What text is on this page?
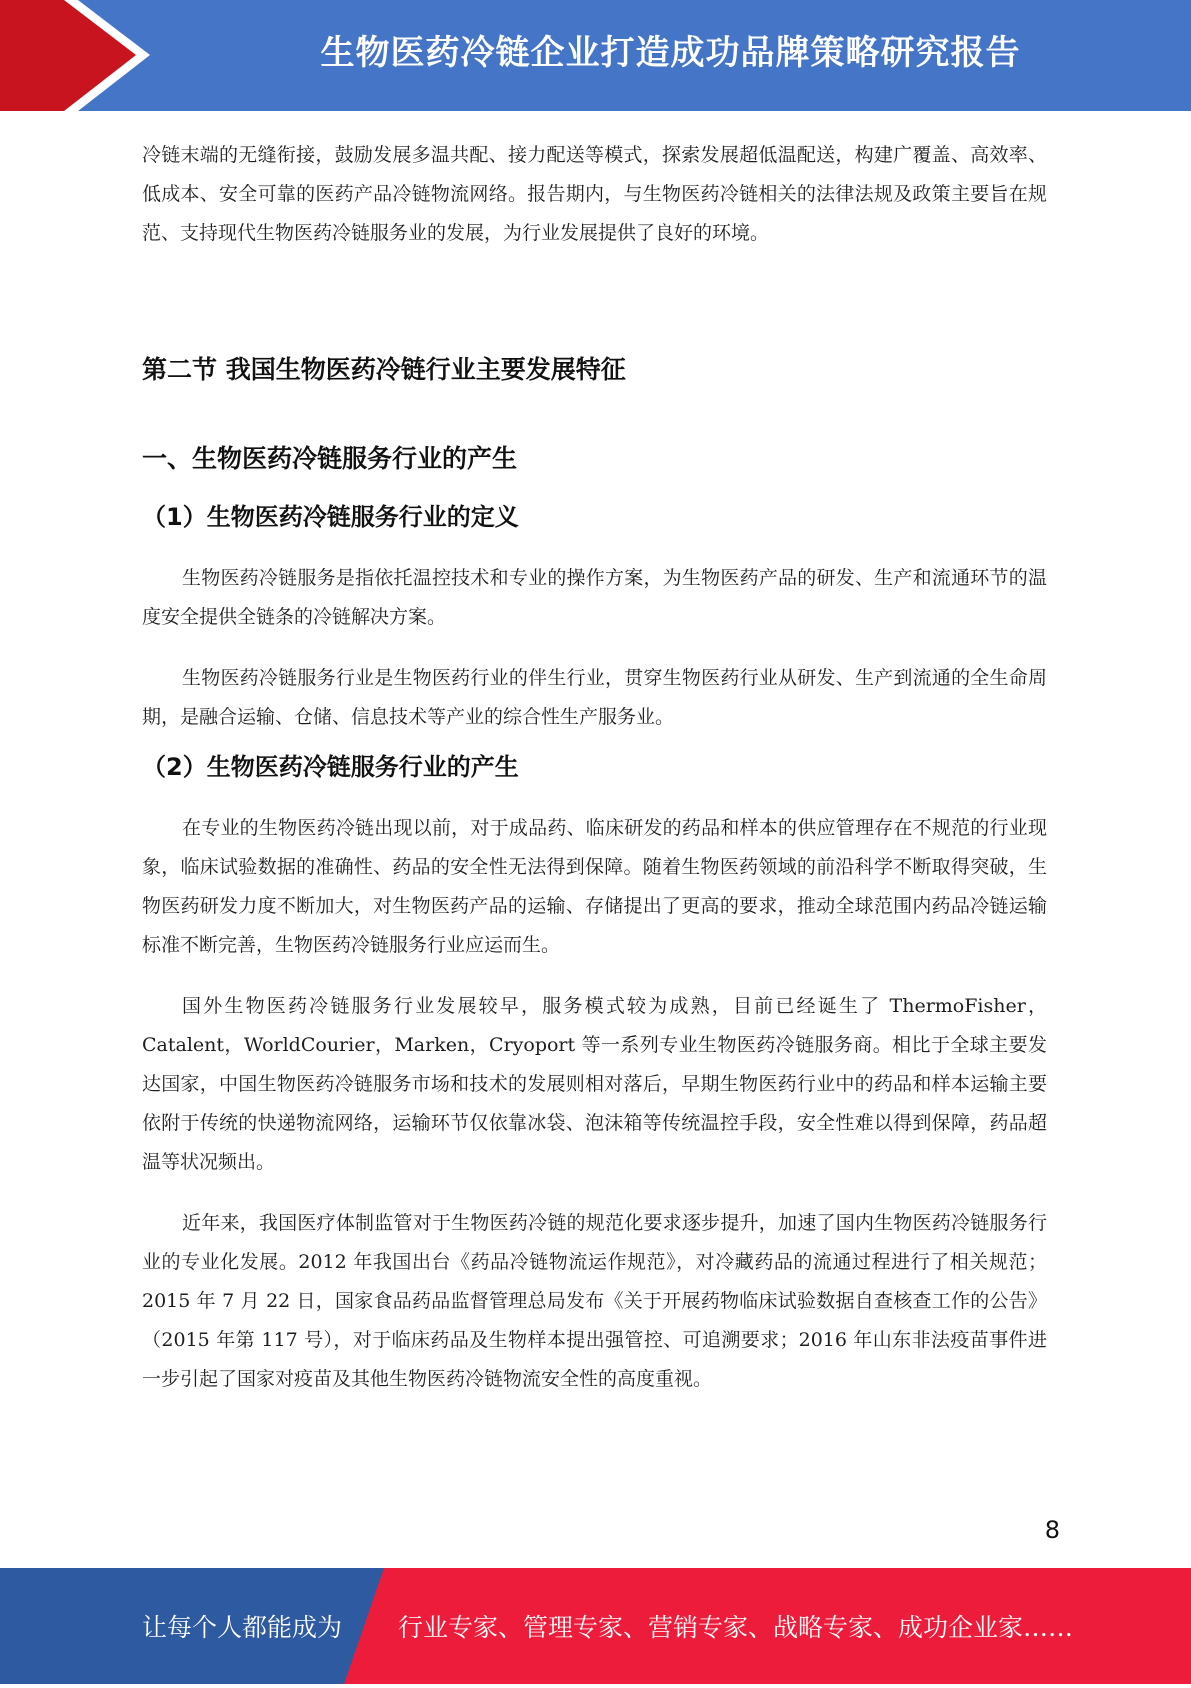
生物医药冷链企业打造成功品牌策略研究报告

冷链末端的无缝衔接，鼓励发展多温共配、接力配送等模式，探索发展超低温配送，构建广覆盖、高效率、低成本、安全可靠的医药产品冷链物流网络。报告期内，与生物医药冷链相关的法律法规及政策主要旨在规范、支持现代生物医药冷链服务业的发展，为行业发展提供了良好的环境。

第二节 我国生物医药冷链行业主要发展特征
一、生物医药冷链服务行业的产生
（1）生物医药冷链服务行业的定义

生物医药冷链服务是指依托温控技术和专业的操作方案，为生物医药产品的研发、生产和流通环节的温度安全提供全链条的冷链解决方案。

生物医药冷链服务行业是生物医药行业的伴生行业，贯穿生物医药行业从研发、生产到流通的全生命周期，是融合运输、仓储、信息技术等产业的综合性生产服务业。

（2）生物医药冷链服务行业的产生

在专业的生物医药冷链出现以前，对于成品药、临床研发的药品和样本的供应管理存在不规范的行业现象，临床试验数据的准确性、药品的安全性无法得到保障。随着生物医药领域的前沿科学不断取得突破，生物医药研发力度不断加大，对生物医药产品的运输、存储提出了更高的要求，推动全球范围内药品冷链运输标准不断完善，生物医药冷链服务行业应运而生。

国外生物医药冷链服务行业发展较早，服务模式较为成熟，目前已经诞生了 ThermoFisher，Catalent，WorldCourier，Marken，Cryoport 等一系列专业生物医药冷链服务商。相比于全球主要发达国家，中国生物医药冷链服务市场和技术的发展则相对落后，早期生物医药行业中的药品和样本运输主要依附于传统的快递物流网络，运输环节仅依靠冰袋、泡沫箱等传统温控手段，安全性难以得到保障，药品超温等状况频出。

近年来，我国医疗体制监管对于生物医药冷链的规范化要求逐步提升，加速了国内生物医药冷链服务行业的专业化发展。2012 年我国出台《药品冷链物流运作规范》，对冷藏药品的流通过程进行了相关规范；2015 年 7 月 22 日，国家食品药品监督管理总局发布《关于开展药物临床试验数据自查核查工作的公告》（2015 年第 117 号），对于临床药品及生物样本提出强管控、可追溯要求；2016 年山东非法疫苗事件进一步引起了国家对疫苗及其他生物医药冷链物流安全性的高度重视。

8
让每个人都能成为 行业专家、管理专家、营销专家、战略专家、成功企业家……
